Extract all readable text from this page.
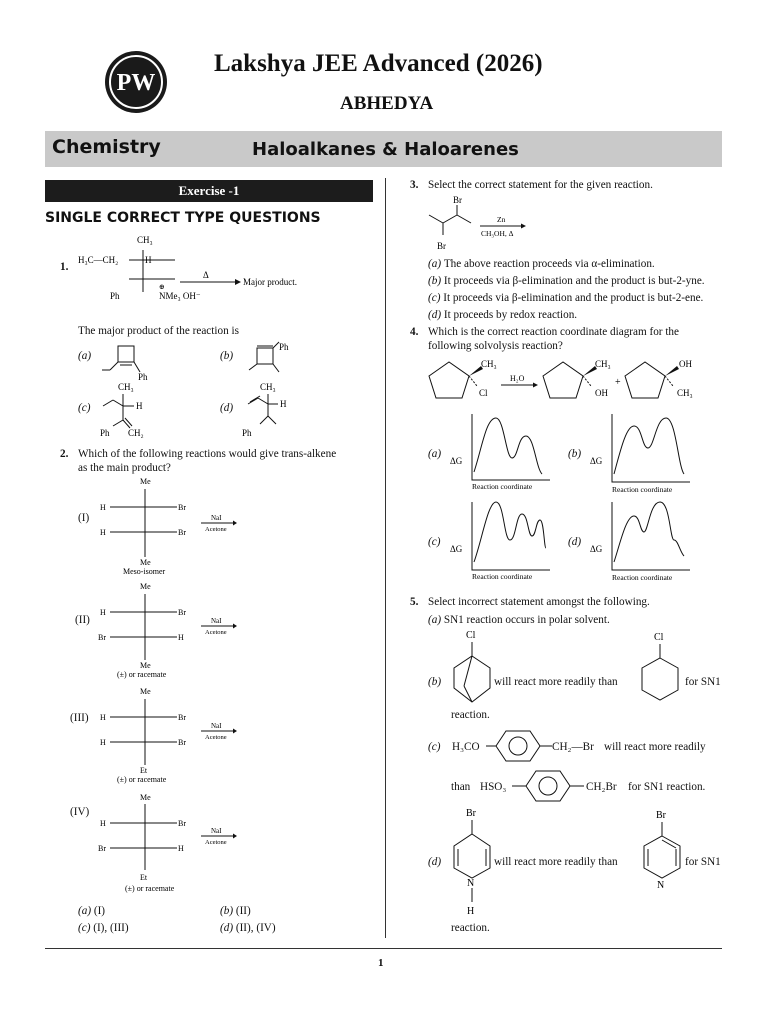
PW
Lakshya JEE Advanced (2026)
ABHEDYA
Chemistry	Haloalkanes & Haloarenes
Exercise -1
SINGLE CORRECT TYPE QUESTIONS
1.
H₃C—CH₂
CH₃
H
Ph
⊕
NMe₃ OH⁻
Δ
Major product.
The major product of the reaction is
(a)
Ph
(b)
Ph
(c)
CH₃
H
Ph CH₂
(d)
CH₃
H
Ph
2. Which of the following reactions would give trans-alkene
as the main product?
(I)
Me
H	Br
H	Br
Me
Meso-isomer
NaI
Acetone
(II)
Me
H	Br
Br	H
Me
(±) or racemate
NaI
Acetone
(III)
Me
H	Br
H	Br
Et
(±) or racemate
NaI
Acetone
(IV)
Me
H	Br
Br	H
Et
(±) or racemate
NaI
Acetone
(a) (I)	(b) (II)
(c) (I), (III)	(d) (II), (IV)
3. Select the correct statement for the given reaction.
Br
Br
Zn
CH₃OH, Δ
(a) The above reaction proceeds via α-elimination.
(b) It proceeds via β-elimination and the product is but-2-yne.
(c) It proceeds via β-elimination and the product is but-2-ene.
(d) It proceeds by redox reaction.
4. Which is the correct reaction coordinate diagram for the
following solvolysis reaction?
CH₃
Cl
H₂O
CH₃
OH
+
OH
CH₃
(a)
ΔG
Reaction coordinate
(b)
ΔG
Reaction coordinate
(c)
ΔG
Reaction coordinate
(d)
ΔG
Reaction coordinate
5. Select incorrect statement amongst the following.
(a) SN1 reaction occurs in polar solvent.
(b)
Cl
will react more readily than
Cl
for SN1
reaction.
(c) H₃CO	CH₂—Br will react more readily
than HSO₃	CH₂Br for SN1 reaction.
(d)
Br
N
H
will react more readily than
Br
N
for SN1
reaction.
1
